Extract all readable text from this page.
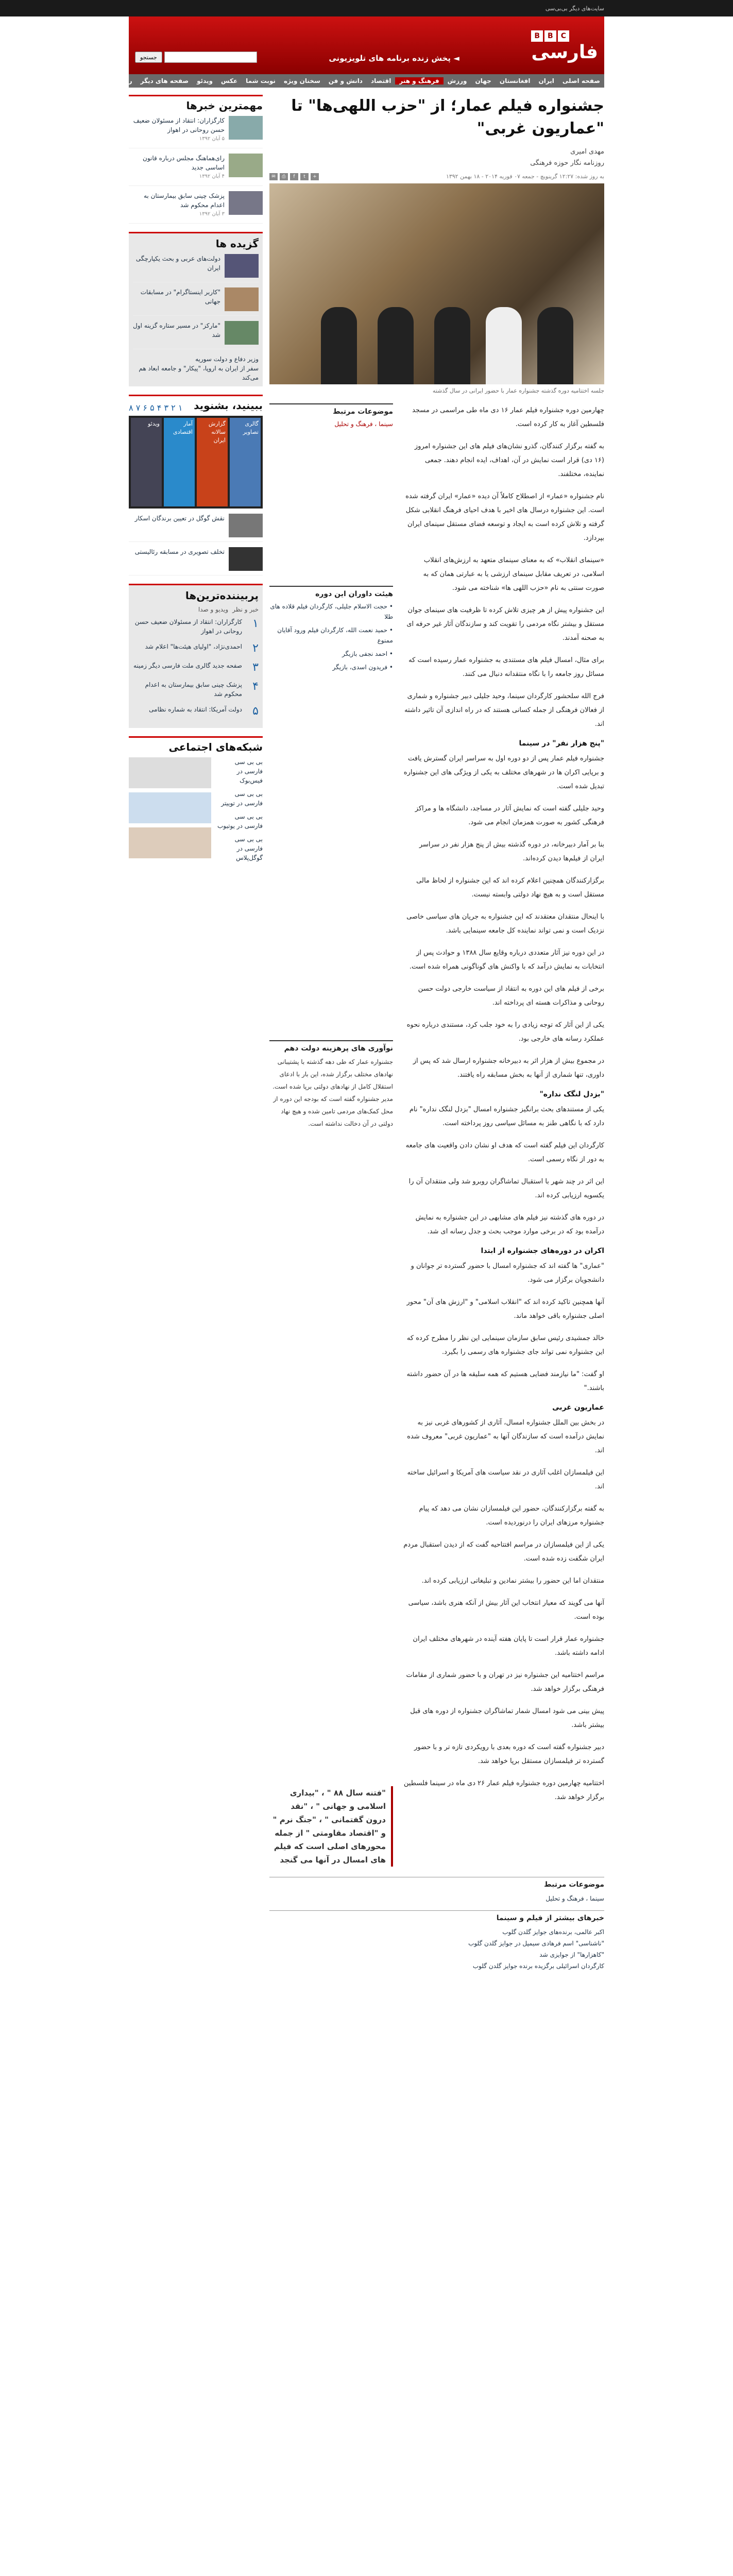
سایت‌های دیگر بی‌بی‌سی
B	B	C
فارسی
◄ پخش زنده برنامه های تلویزیونی
جستجو
صفحه اصلی
ایران
افغانستان
جهان
ورزش
فرهنگ و هنر
اقتصاد
دانش و فن
سخنان ویژه
نوبت شما
عکس
ویدئو
صفحه های دیگر
رادیو و تلویزیون
جشنواره فیلم عمار؛ از "حزب اللهی‌ها" تا "عماریون غربی"
مهدی امیری
روزنامه نگار حوزه فرهنگی
به روز شده: ۱۲:۲۷ گرینویچ - جمعه ۰۷ فوریه ۲۰۱۴ - ۱۸ بهمن ۱۳۹۲
✉	⎙	f	t	+
جلسه اختتامیه دوره گذشته جشنواره عمار با حضور ایرانی در سال گذشته

چهارمین دوره جشنواره فیلم عمار ۱۶ دی ماه طی مراسمی در مسجد فلسطین آغاز به کار کرده است.

به گفته برگزار کنندگان، گذرو نشان‌های فیلم های این جشنواره امروز (۱۶ دی) قرار است نمایش در آن، اهداف، ایده انجام دهند. جمعی نماینده، مختلفند.

نام جشنواره «عمار» از اصطلاح کاملاً آن دیده «عمار» ایران گرفته شده است. این جشنواره درسال های اخیر با هدف احیای فرهنگ انقلابی شکل گرفته و تلاش کرده است به ایجاد و توسعه فضای مستقل سینمای ایران بپردازد.

«سینمای انقلاب» که به معنای سینمای متعهد به ارزش‌های انقلاب اسلامی، در تعریف مقابل سینمای ارزشی یا به عبارتی همان که به صورت سنتی به نام «حزب اللهی ها» شناخته می شود.

این جشنواره پیش از هر چیزی تلاش کرده تا ظرفیت های سینمای جوان مستقل و بیشتر نگاه مردمی را تقویت کند و سازندگان آثار غیر حرفه ای به صحنه آمدند.

برای مثال، امسال فیلم های مستندی به جشنواره عمار رسیده است که مسائل روز جامعه را با نگاه منتقدانه دنبال می کنند.

فرج الله سلحشور کارگردان سینما، وحید جلیلی دبیر جشنواره و شماری از فعالان فرهنگی از جمله کسانی هستند که در راه اندازی آن تاثیر داشته اند.

"پنج هزار نفر" در سینما

جشنواره فیلم عمار پس از دو دوره اول به سراسر ایران گسترش یافت و برپایی اکران ها در شهرهای مختلف به یکی از ویژگی های این جشنواره تبدیل شده است.

وحید جلیلی گفته است که نمایش آثار در مساجد، دانشگاه ها و مراکز فرهنگی کشور به صورت همزمان انجام می شود.

بنا بر آمار دبیرخانه، در دوره گذشته بیش از پنج هزار نفر در سراسر ایران از فیلم‌ها دیدن کرده‌اند.

برگزارکنندگان همچنین اعلام کرده اند که این جشنواره از لحاظ مالی مستقل است و به هیچ نهاد دولتی وابسته نیست.

با اینحال منتقدان معتقدند که این جشنواره به جریان های سیاسی خاصی نزدیک است و نمی تواند نماینده کل جامعه سینمایی باشد.

در این دوره نیز آثار متعددی درباره وقایع سال ۱۳۸۸ و حوادث پس از انتخابات به نمایش درآمد که با واکنش های گوناگونی همراه شده است.

برخی از فیلم های این دوره به انتقاد از سیاست خارجی دولت حسن روحانی و مذاکرات هسته ای پرداخته اند.

یکی از این آثار که توجه زیادی را به خود جلب کرد، مستندی درباره نحوه عملکرد رسانه های خارجی بود.

در مجموع بیش از هزار اثر به دبیرخانه جشنواره ارسال شد که پس از داوری، تنها شماری از آنها به بخش مسابقه راه یافتند.

"بزدل لنگک نداره"

یکی از مستندهای بحث برانگیز جشنواره امسال "بزدل لنگک نداره" نام دارد که با نگاهی طنز به مسائل سیاسی روز پرداخته است.

کارگردان این فیلم گفته است که هدف او نشان دادن واقعیت های جامعه به دور از نگاه رسمی است.

این اثر در چند شهر با استقبال تماشاگران روبرو شد ولی منتقدان آن را یکسویه ارزیابی کرده اند.

در دوره های گذشته نیز فیلم های مشابهی در این جشنواره به نمایش درآمده بود که در برخی موارد موجب بحث و جدل رسانه ای شد.

اکران در دوره‌های جشنواره از ابتدا

"عماری" ها گفته اند که جشنواره امسال با حضور گسترده تر جوانان و دانشجویان برگزار می شود.

آنها همچنین تاکید کرده اند که "انقلاب اسلامی" و "ارزش های آن" محور اصلی جشنواره باقی خواهد ماند.

خالد جمشیدی رئیس سابق سازمان سینمایی این نظر را مطرح کرده که این جشنواره نمی تواند جای جشنواره های رسمی را بگیرد.

او گفت: "ما نیازمند فضایی هستیم که همه سلیقه ها در آن حضور داشته باشند."

عماریون غربی

در بخش بین الملل جشنواره امسال، آثاری از کشورهای غربی نیز به نمایش درآمده است که سازندگان آنها به "عماریون غربی" معروف شده اند.

این فیلمسازان اغلب آثاری در نقد سیاست های آمریکا و اسرائیل ساخته اند.

به گفته برگزارکنندگان، حضور این فیلمسازان نشان می دهد که پیام جشنواره مرزهای ایران را درنوردیده است.

یکی از این فیلمسازان در مراسم افتتاحیه گفت که از دیدن استقبال مردم ایران شگفت زده شده است.

منتقدان اما این حضور را بیشتر نمادین و تبلیغاتی ارزیابی کرده اند.

آنها می گویند که معیار انتخاب این آثار بیش از آنکه هنری باشد، سیاسی بوده است.

جشنواره عمار قرار است تا پایان هفته آینده در شهرهای مختلف ایران ادامه داشته باشد.

مراسم اختتامیه این جشنواره نیز در تهران و با حضور شماری از مقامات فرهنگی برگزار خواهد شد.

پیش بینی می شود امسال شمار تماشاگران جشنواره از دوره های قبل بیشتر باشد.

دبیر جشنواره گفته است که دوره بعدی با رویکردی تازه تر و با حضور گسترده تر فیلمسازان مستقل برپا خواهد شد.

اختتامیه چهارمین دوره جشنواره فیلم عمار ۲۶ دی ماه در سینما فلسطین برگزار خواهد شد.

موضوعات مرتبط
سینما ، فرهنگ و تحلیل
هیئت داوران این دوره
• حجت الاسلام جلیلی، کارگردان فیلم قلاده های طلا
• حمید نعمت الله، کارگردان فیلم ورود آقایان ممنوع
• احمد نجفی بازیگر
• فریدون اسدی، بازیگر
نوآوری های پرهزینه دولت دهم
جشنواره عمار که طی دهه گذشته با پشتیبانی نهادهای مختلف برگزار شده، این بار با ادعای استقلال کامل از نهادهای دولتی برپا شده است. مدیر جشنواره گفته است که بودجه این دوره از محل کمک‌های مردمی تامین شده و هیچ نهاد دولتی در آن دخالت نداشته است.
"فتنه سال ۸۸ " ، "بیداری اسلامی و جهانی " ، "نقد درون گفتمانی " ، "جنگ نرم " و "اقتصاد مقاومتی " از جمله محورهای اصلی است که فیلم های امسال در آنها می گنجد
موضوعات مرتبط
سینما ، فرهنگ و تحلیل
خبرهای بیشتر از فیلم و سینما
اکبر عالمی، برنده‌های جوایز گلدن گلوب
"ناشناسی" اسم فرهادی سیمپل در جوایز گلدن گلوب
"کاهزارها" از جوایزی شد
کارگردان اسرائیلی برگزیده برنده جوایز گلدن گلوب
مهمترین خبرها
کارگزاران: انتقاد از مسئولان ضعیف حسن روحانی در اهواز
۵ آبان ۱۳۹۲
رای‌هماهنگ مجلس درباره قانون اساسی جدید
۴ آبان ۱۳۹۲
پزشک چینی سابق بیمارستان به اعدام محکوم شد
۳ آبان ۱۳۹۲
گزیده ها
دولت‌های عربی و بحث یکپارچگی ایران
"کاربر اینستاگرام" در مسابقات جهانی
"مارکز" در مسیر ستاره گزینه اول شد
وزیر دفاع و دولت سوریه
سفر از ایران به اروپا، "پیکار" و جامعه ابعاد هم می‌کند
ببینید، بشنوید
۱ ۲ ۳ ۴ ۵ ۶ ۷ ۸
گالری تصاویر
گزارش سالانه ایران
آمار اقتصادی
ویدئو
نقش گوگل در تعیین برندگان اسکار
تخلف تصویری در مسابقه رئالیستی
پربیننده‌ترین‌ها
خبر و نظر
ویدیو و صدا
۱
کارگزاران: انتقاد از مسئولان ضعیف حسن روحانی در اهواز
۲
احمدی‌نژاد، "اولیای هیئت‌ها" اعلام شد
۳
صفحه جدید گالری ملت فارسی دیگر زمینه
۴
پزشک چینی سابق بیمارستان به اعدام محکوم شد
۵
دولت آمریکا: انتقاد به شماره نظامی
شبکه‌های اجتماعی
بی بی سی فارسی در فیس‌بوک
بی بی سی فارسی در توییتر
بی بی سی فارسی در یوتیوب
بی بی سی فارسی در گوگل‌پلاس
